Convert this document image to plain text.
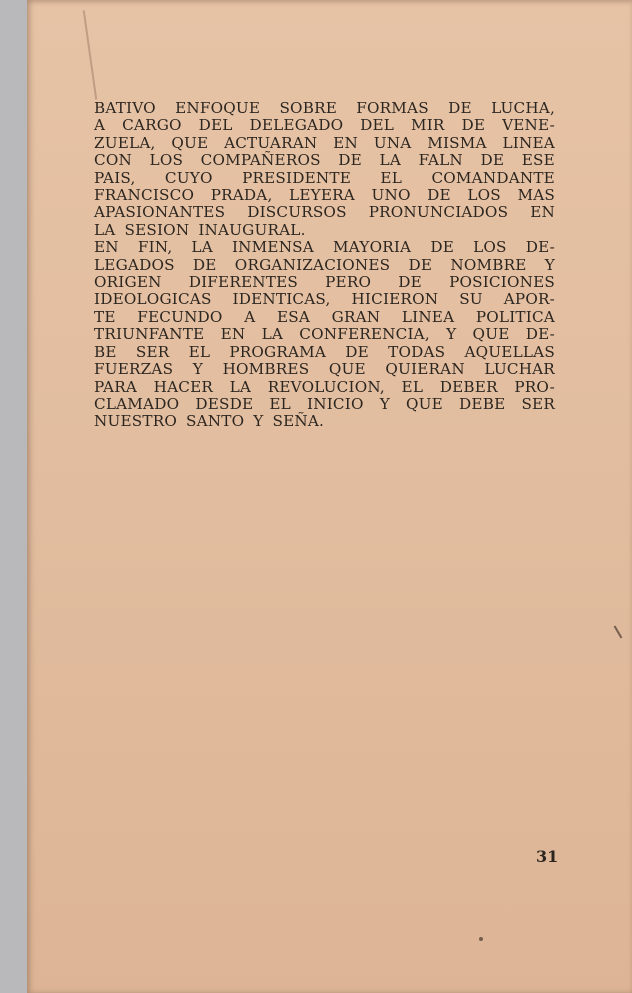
BATIVO ENFOQUE SOBRE FORMAS DE LUCHA,
A CARGO DEL DELEGADO DEL MIR DE VENE-
ZUELA, QUE ACTUARAN EN UNA MISMA LINEA
CON LOS COMPAÑEROS DE LA FALN DE ESE
PAIS, CUYO PRESIDENTE EL COMANDANTE
FRANCISCO PRADA, LEYERA UNO DE LOS MAS
APASIONANTES DISCURSOS PRONUNCIADOS EN
LA SESION INAUGURAL.
EN FIN, LA INMENSA MAYORIA DE LOS DE-
LEGADOS DE ORGANIZACIONES DE NOMBRE Y
ORIGEN DIFERENTES PERO DE POSICIONES
IDEOLOGICAS IDENTICAS, HICIERON SU APOR-
TE FECUNDO A ESA GRAN LINEA POLITICA
TRIUNFANTE EN LA CONFERENCIA, Y QUE DE-
BE SER EL PROGRAMA DE TODAS AQUELLAS
FUERZAS Y HOMBRES QUE QUIERAN LUCHAR
PARA HACER LA REVOLUCION, EL DEBER PRO-
CLAMADO DESDE EL INICIO Y QUE DEBE SER
NUESTRO SANTO Y SEÑA.
31
